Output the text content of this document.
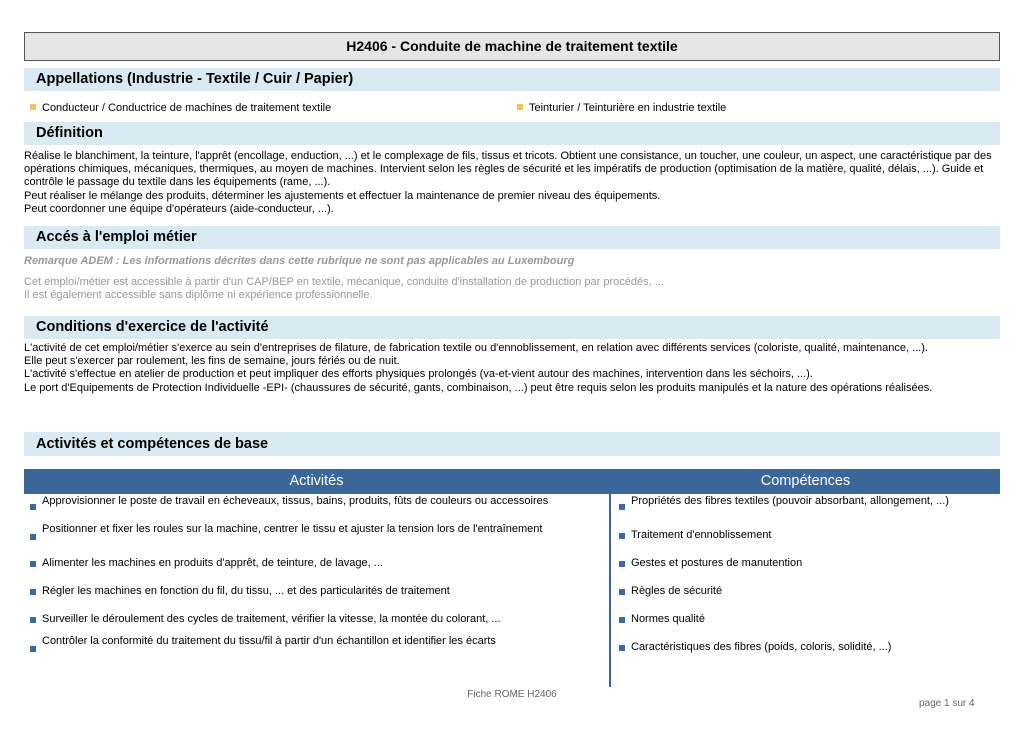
H2406 - Conduite de machine de traitement textile
Appellations (Industrie - Textile / Cuir / Papier)
Conducteur / Conductrice de machines de traitement textile	Teinturier / Teinturière en industrie textile
Définition

Réalise le blanchiment, la teinture, l'apprêt (encollage, enduction, ...) et le complexage de fils, tissus et tricots. Obtient une consistance, un toucher, une couleur, un aspect, une caractéristique par des opérations chimiques, mécaniques, thermiques, au moyen de machines. Intervient selon les règles de sécurité et les impératifs de production (optimisation de la matière, qualité, délais, ...). Guide et contrôle le passage du textile dans les équipements (rame, ...).

Peut réaliser le mélange des produits, déterminer les ajustements et effectuer la maintenance de premier niveau des équipements.

Peut coordonner une équipe d'opérateurs (aide-conducteur, ...).

Accés à l'emploi métier
Remarque ADEM : Les informations décrites dans cette rubrique ne sont pas applicables au Luxembourg

Cet emploi/métier est accessible à partir d'un CAP/BEP en textile, mécanique, conduite d'installation de production par procédés, ...

Il est également accessible sans diplôme ni expérience professionnelle.

Conditions d'exercice de l'activité

L'activité de cet emploi/métier s'exerce au sein d'entreprises de filature, de fabrication textile ou d'ennoblissement, en relation avec différents services (coloriste, qualité, maintenance, ...).

Elle peut s'exercer par roulement, les fins de semaine, jours fériés ou de nuit.

L'activité s'effectue en atelier de production et peut impliquer des efforts physiques prolongés (va-et-vient autour des machines, intervention dans les séchoirs, ...).

Le port d'Equipements de Protection Individuelle -EPI- (chaussures de sécurité, gants, combinaison, ...) peut être requis selon les produits manipulés et la nature des opérations réalisées.

Activités et compétences de base
Activités	Compétences
Approvisionner le poste de travail en écheveaux, tissus, bains, produits, fûts de couleurs ou accessoires
Positionner et fixer les roules sur la machine, centrer le tissu et ajuster la tension lors de l'entraînement
Alimenter les machines en produits d'apprêt, de teinture, de lavage, ...
Régler les machines en fonction du fil, du tissu, ... et des particularités de traitement
Surveiller le déroulement des cycles de traitement, vérifier la vitesse, la montée du colorant, ...
Contrôler la conformité du traitement du tissu/fil à partir d'un échantillon et identifier les écarts
Propriétés des fibres textiles (pouvoir absorbant, allongement, ...)
Traitement d'ennoblissement
Gestes et postures de manutention
Règles de sécurité
Normes qualité
Caractéristiques des fibres (poids, coloris, solidité, ...)
Fiche ROME H2406
page 1 sur 4
